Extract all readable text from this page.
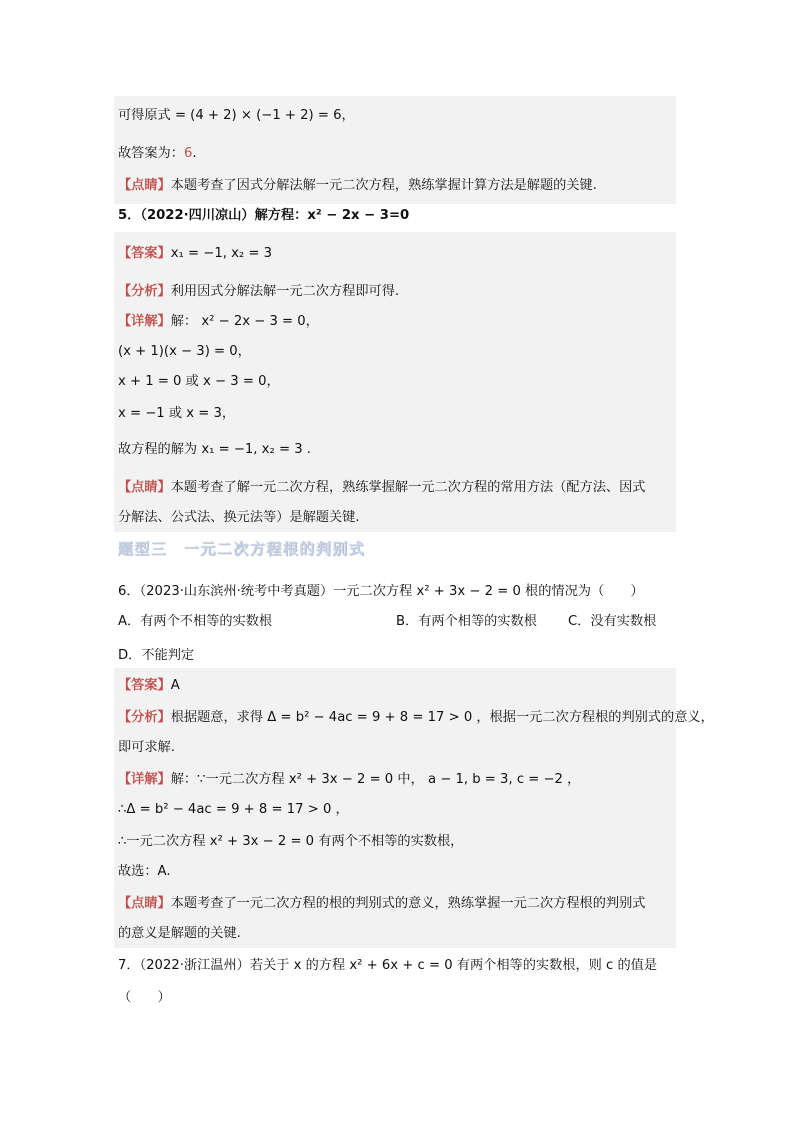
题型三　一元二次方程根的判别式
可得原式 = (4 + 2) × (−1 + 2) = 6，
故答案为：6.
【点睛】本题考查了因式分解法解一元二次方程，熟练掌握计算方法是解题的关键.
5．（2022·四川凉山）解方程：x² − 2x − 3=0
【答案】x₁ = −1, x₂ = 3
【分析】利用因式分解法解一元二次方程即可得.
【详解】解： x² − 2x − 3 = 0，
(x + 1)(x − 3) = 0，
x + 1 = 0 或 x − 3 = 0，
x = −1 或 x = 3，
故方程的解为 x₁ = −1, x₂ = 3 .
【点睛】本题考查了解一元二次方程，熟练掌握解一元二次方程的常用方法（配方法、因式
分解法、公式法、换元法等）是解题关键.
6．（2023·山东滨州·统考中考真题）一元二次方程 x² + 3x − 2 = 0 根的情况为（　　）
A．有两个不相等的实数根
D．不能判定
【答案】A
【分析】根据题意，求得 Δ = b² − 4ac = 9 + 8 = 17 > 0 ，根据一元二次方程根的判别式的意义，
即可求解.
【详解】解：∵一元二次方程 x² + 3x − 2 = 0 中， a − 1, b = 3, c = −2 ，
∴Δ = b² − 4ac = 9 + 8 = 17 > 0 ，
∴一元二次方程 x² + 3x − 2 = 0 有两个不相等的实数根，
故选：A.
【点睛】本题考查了一元二次方程的根的判别式的意义，熟练掌握一元二次方程根的判别式
的意义是解题的关键.
7．（2022·浙江温州）若关于 x 的方程 x² + 6x + c = 0 有两个相等的实数根，则 c 的值是
（　　）
B．有两个相等的实数根 C．没有实数根
